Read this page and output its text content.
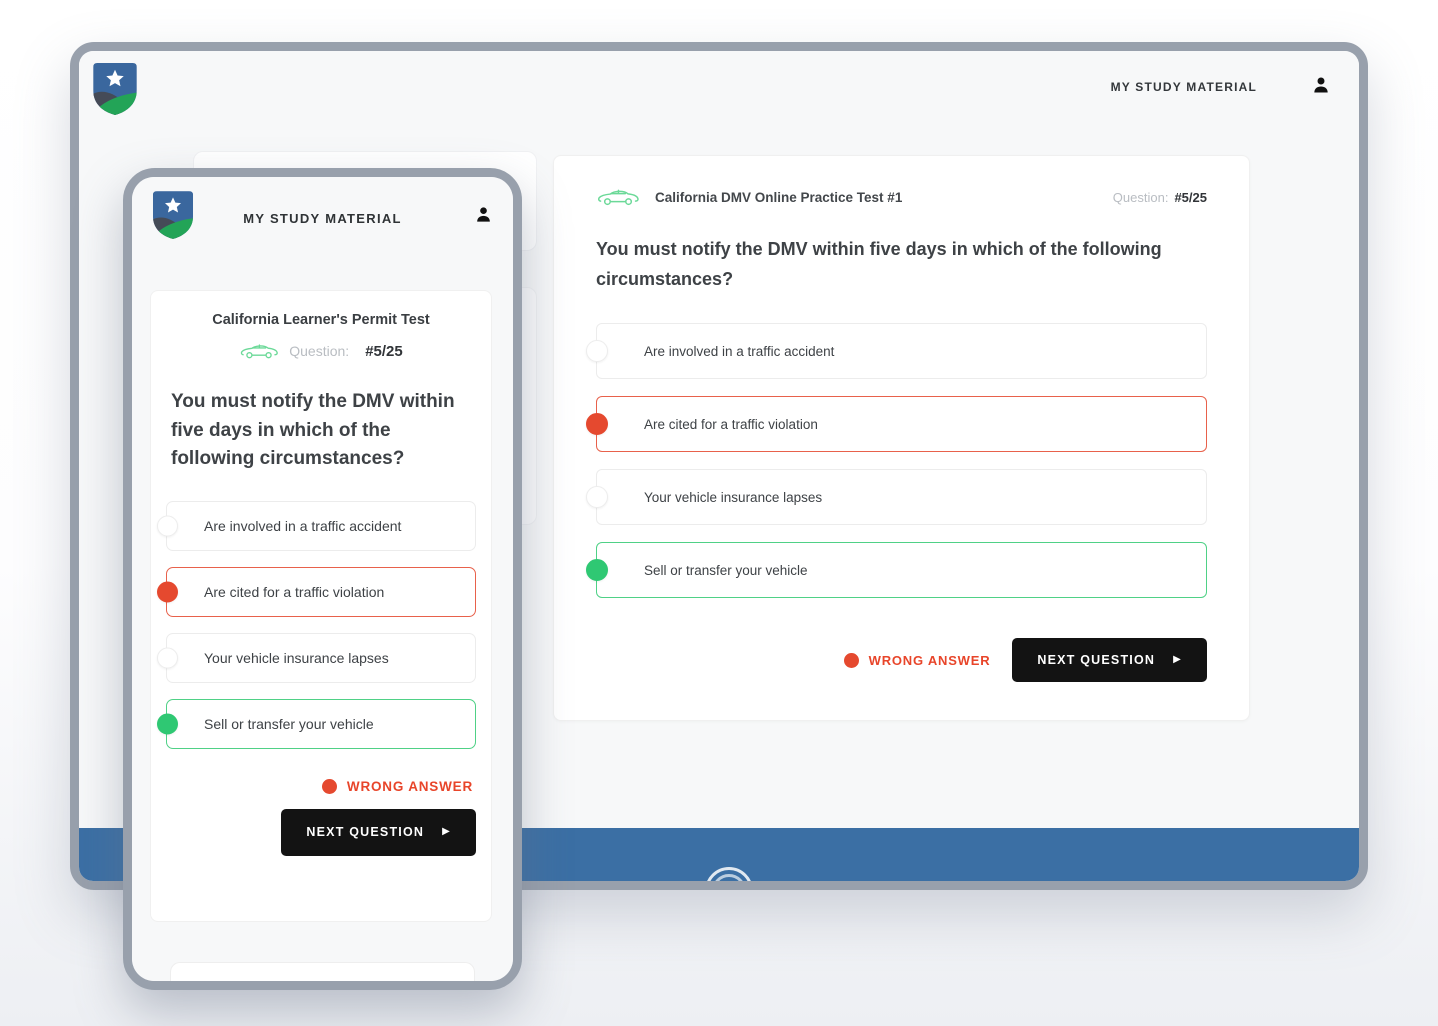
MY STUDY MATERIAL
California DMV Online Practice Test #1	Question: #5/25
You must notify the DMV within five days in which of the following circumstances?
Are involved in a traffic accident
Are cited for a traffic violation
Your vehicle insurance lapses
Sell or transfer your vehicle
WRONG ANSWER	NEXT QUESTION ▶
MY STUDY MATERIAL
California Learner's Permit Test
Question: #5/25
You must notify the DMV within five days in which of the following circumstances?
Are involved in a traffic accident
Are cited for a traffic violation
Your vehicle insurance lapses
Sell or transfer your vehicle
WRONG ANSWER
NEXT QUESTION ▶
